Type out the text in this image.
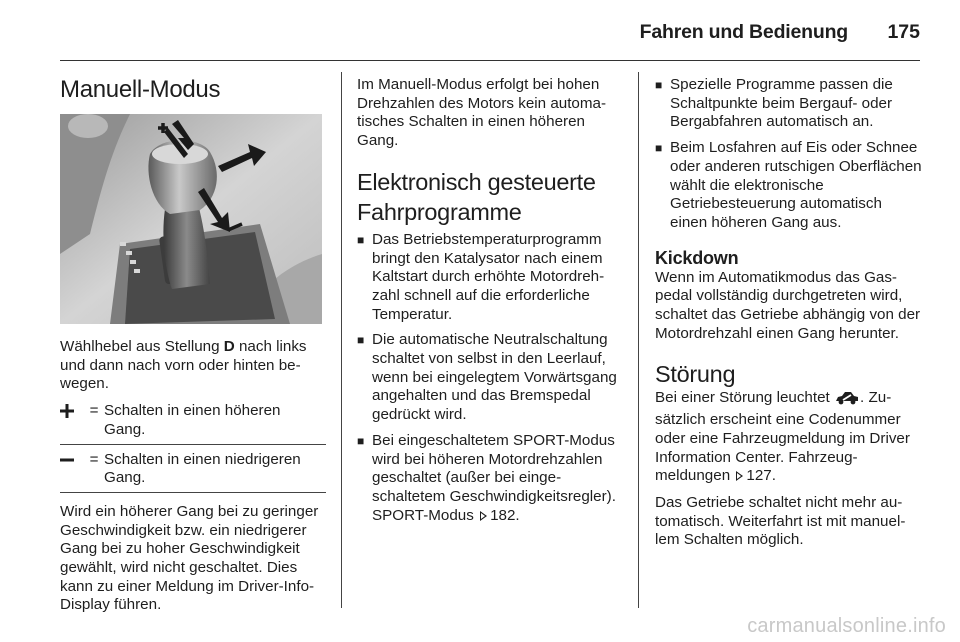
Fahren und Bedienung 175
Manuell-Modus

Wählhebel aus Stellung D nach links und dann nach vorn oder hinten bewegen.

= Schalten in einen höheren Gang.
= Schalten in einen niedrigeren Gang.

Wird ein höherer Gang bei zu geringer Geschwindigkeit bzw. ein niedrigerer Gang bei zu hoher Geschwindigkeit gewählt, wird nicht geschaltet. Dies kann zu einer Meldung im Driver-Info-Display führen.

Im Manuell-Modus erfolgt bei hohen Drehzahlen des Motors kein automatisches Schalten in einen höheren Gang.

Elektronisch gesteuerte Fahrprogramme
■ Das Betriebstemperaturprogramm bringt den Katalysator nach einem Kaltstart durch erhöhte Motordrehzahl schnell auf die erforderliche Temperatur.
■ Die automatische Neutralschaltung schaltet von selbst in den Leerlauf, wenn bei eingelegtem Vorwärtsgang angehalten und das Bremspedal gedrückt wird.
■ Bei eingeschaltetem SPORT-Modus wird bei höheren Motordrehzahlen geschaltet (außer bei eingeschaltetem Geschwindigkeitsregler). SPORT-Modus 182.
■ Spezielle Programme passen die Schaltpunkte beim Bergauf- oder Bergabfahren automatisch an.
■ Beim Losfahren auf Eis oder Schnee oder anderen rutschigen Oberflächen wählt die elektronische Getriebesteuerung automatisch einen höheren Gang aus.
Kickdown

Wenn im Automatikmodus das Gaspedal vollständig durchgetreten wird, schaltet das Getriebe abhängig von der Motordrehzahl einen Gang herunter.

Störung

Bei einer Störung leuchtet . Zusätzlich erscheint eine Codenummer oder eine Fahrzeugmeldung im Driver Information Center. Fahrzeugmeldungen 127.

Das Getriebe schaltet nicht mehr automatisch. Weiterfahrt ist mit manuellem Schalten möglich.

carmanualsonline.info
